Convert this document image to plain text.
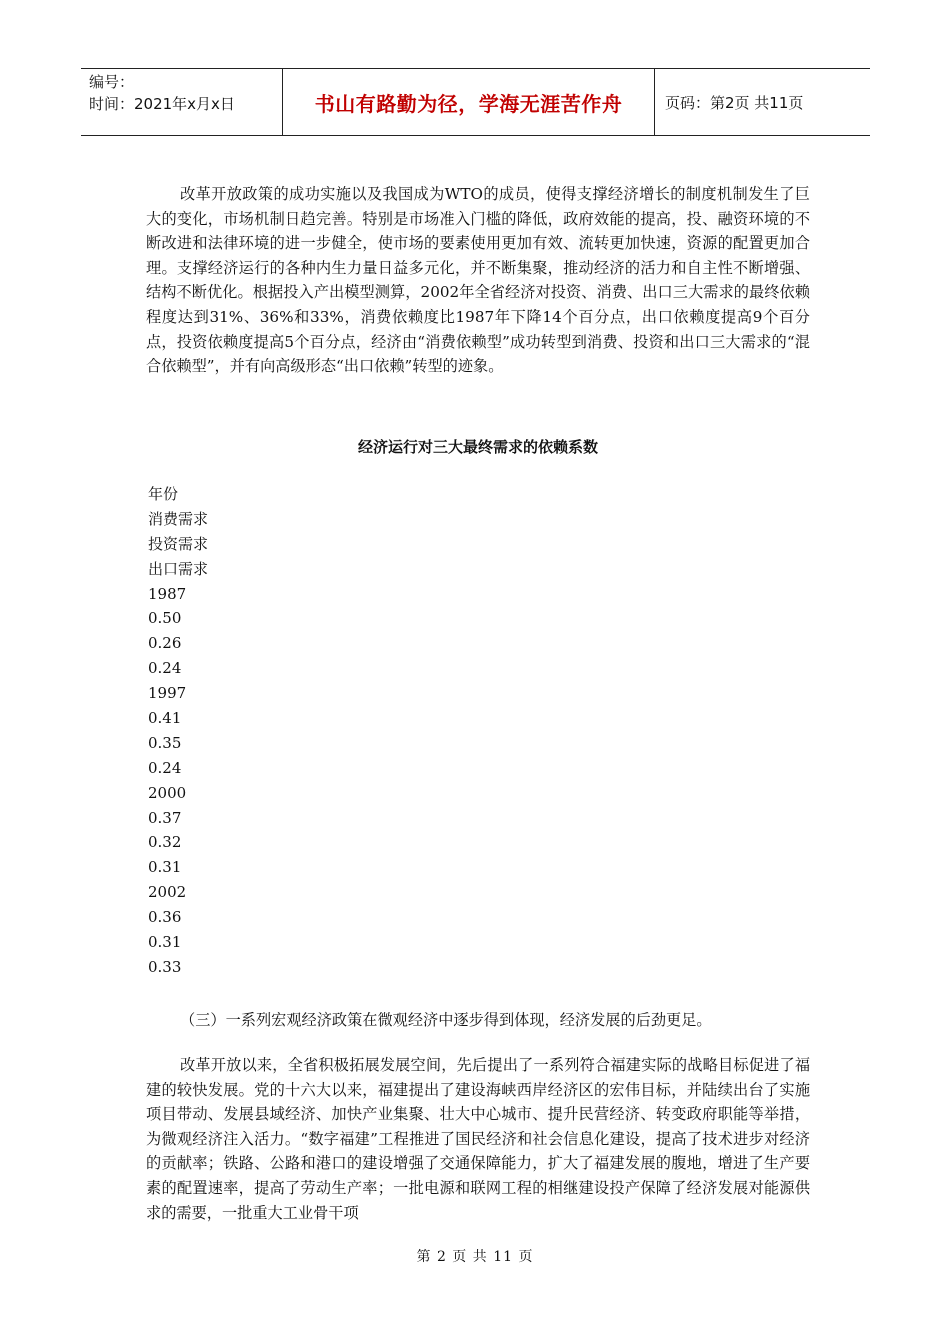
编号：
时间：2021年x月x日	书山有路勤为径，学海无涯苦作舟	页码：第2页 共11页

改革开放政策的成功实施以及我国成为WTO的成员，使得支撑经济增长的制度机制发生了巨大的变化，市场机制日趋完善。特别是市场准入门槛的降低，政府效能的提高，投、融资环境的不断改进和法律环境的进一步健全，使市场的要素使用更加有效、流转更加快速，资源的配置更加合理。支撑经济运行的各种内生力量日益多元化，并不断集聚，推动经济的活力和自主性不断增强、结构不断优化。根据投入产出模型测算，2002年全省经济对投资、消费、出口三大需求的最终依赖程度达到31%、36%和33%，消费依赖度比1987年下降14个百分点，出口依赖度提高9个百分点，投资依赖度提高5个百分点，经济由“消费依赖型”成功转型到消费、投资和出口三大需求的“混合依赖型”，并有向高级形态“出口依赖”转型的迹象。

经济运行对三大最终需求的依赖系数
年份
消费需求
投资需求
出口需求
1987
0.50
0.26
0.24
1997
0.41
0.35
0.24
2000
0.37
0.32
0.31
2002
0.36
0.31
0.33

（三）一系列宏观经济政策在微观经济中逐步得到体现，经济发展的后劲更足。

改革开放以来，全省积极拓展发展空间，先后提出了一系列符合福建实际的战略目标促进了福建的较快发展。党的十六大以来，福建提出了建设海峡西岸经济区的宏伟目标，并陆续出台了实施项目带动、发展县域经济、加快产业集聚、壮大中心城市、提升民营经济、转变政府职能等举措，为微观经济注入活力。“数字福建”工程推进了国民经济和社会信息化建设，提高了技术进步对经济的贡献率；铁路、公路和港口的建设增强了交通保障能力，扩大了福建发展的腹地，增进了生产要素的配置速率，提高了劳动生产率；一批电源和联网工程的相继建设投产保障了经济发展对能源供求的需要，一批重大工业骨干项

第 2 页 共 11 页
